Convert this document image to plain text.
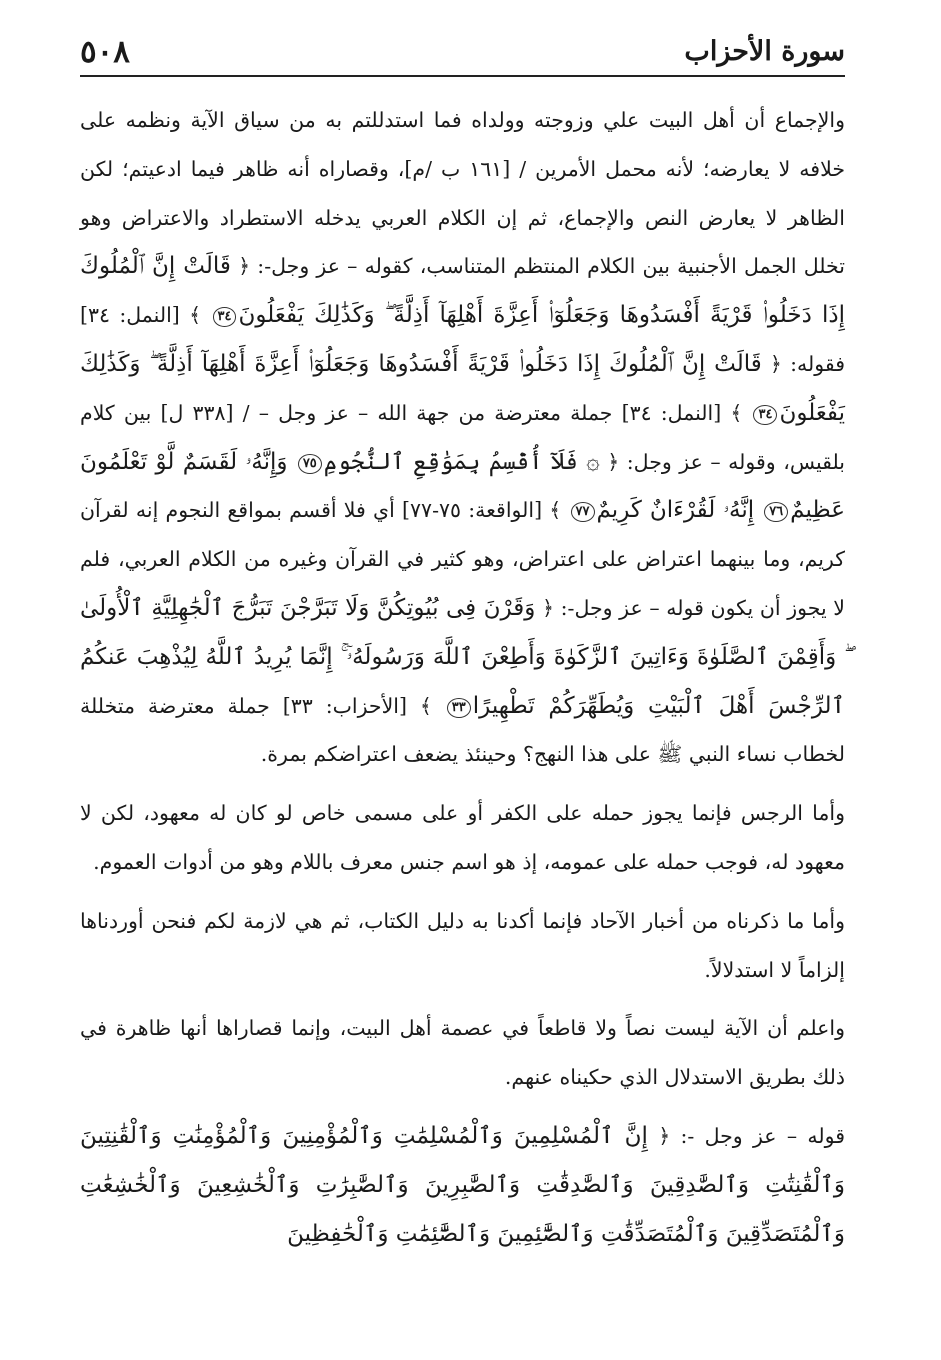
سورة الأحزاب
٥٠٨

والإجماع أن أهل البيت علي وزوجته وولداه فما استدللتم به من سياق الآية ونظمه على خلافه لا يعارضه؛ لأنه محمل الأمرين / [١٦١ ب /م]، وقصاراه أنه ظاهر فيما ادعيتم؛ لكن الظاهر لا يعارض النص والإجماع، ثم إن الكلام العربي يدخله الاستطراد والاعتراض وهو تخلل الجمل الأجنبية بين الكلام المنتظم المتناسب، كقوله – عز وجل-: ﴿ قَالَتْ إِنَّ ٱلْمُلُوكَ إِذَا دَخَلُوا۟ قَرْيَةً أَفْسَدُوهَا وَجَعَلُوٓا۟ أَعِزَّةَ أَهْلِهَآ أَذِلَّةً ۖ وَكَذَٰلِكَ يَفْعَلُونَ٣٤ ﴾ [النمل: ٣٤] فقوله: ﴿ قَالَتْ إِنَّ ٱلْمُلُوكَ إِذَا دَخَلُوا۟ قَرْيَةً أَفْسَدُوهَا وَجَعَلُوٓا۟ أَعِزَّةَ أَهْلِهَآ أَذِلَّةً ۖ وَكَذَٰلِكَ يَفْعَلُونَ٣٤ ﴾ [النمل: ٣٤] جملة معترضة من جهة الله – عز وجل – / [٣٣٨ ل] بين كلام بلقيس، وقوله – عز وجل: ﴿ ۞ فَلَآ أُقْسِمُ بِمَوَٰقِعِ ٱلنُّجُومِ٧٥ وَإِنَّهُۥ لَقَسَمٌ لَّوْ تَعْلَمُونَ عَظِيمٌ٧٦ إِنَّهُۥ لَقُرْءَانٌ كَرِيمٌ٧٧ ﴾ [الواقعة: ٧٥-٧٧] أي فلا أقسم بمواقع النجوم إنه لقرآن كريم، وما بينهما اعتراض على اعتراض، وهو كثير في القرآن وغيره من الكلام العربي، فلم لا يجوز أن يكون قوله – عز وجل-: ﴿ وَقَرْنَ فِى بُيُوتِكُنَّ وَلَا تَبَرَّجْنَ تَبَرُّجَ ٱلْجَٰهِلِيَّةِ ٱلْأُولَىٰ ۖ وَأَقِمْنَ ٱلصَّلَوٰةَ وَءَاتِينَ ٱلزَّكَوٰةَ وَأَطِعْنَ ٱللَّهَ وَرَسُولَهُۥٓ ۚ إِنَّمَا يُرِيدُ ٱللَّهُ لِيُذْهِبَ عَنكُمُ ٱلرِّجْسَ أَهْلَ ٱلْبَيْتِ وَيُطَهِّرَكُمْ تَطْهِيرًا٣٣ ﴾ [الأحزاب: ٣٣] جملة معترضة متخللة لخطاب نساء النبي ﷺ على هذا النهج؟ وحينئذ يضعف اعتراضكم بمرة.

وأما الرجس فإنما يجوز حمله على الكفر أو على مسمى خاص لو كان له معهود، لكن لا معهود له، فوجب حمله على عمومه، إذ هو اسم جنس معرف باللام وهو من أدوات العموم.

وأما ما ذكرناه من أخبار الآحاد فإنما أكدنا به دليل الكتاب، ثم هي لازمة لكم فنحن أوردناها إلزاماً لا استدلالاً.

واعلم أن الآية ليست نصاً ولا قاطعاً في عصمة أهل البيت، وإنما قصاراها أنها ظاهرة في ذلك بطريق الاستدلال الذي حكيناه عنهم.

قوله – عز وجل -: ﴿ إِنَّ ٱلْمُسْلِمِينَ وَٱلْمُسْلِمَٰتِ وَٱلْمُؤْمِنِينَ وَٱلْمُؤْمِنَٰتِ وَٱلْقَٰنِتِينَ وَٱلْقَٰنِتَٰتِ وَٱلصَّٰدِقِينَ وَٱلصَّٰدِقَٰتِ وَٱلصَّٰبِرِينَ وَٱلصَّٰبِرَٰتِ وَٱلْخَٰشِعِينَ وَٱلْخَٰشِعَٰتِ وَٱلْمُتَصَدِّقِينَ وَٱلْمُتَصَدِّقَٰتِ وَٱلصَّٰٓئِمِينَ وَٱلصَّٰٓئِمَٰتِ وَٱلْحَٰفِظِينَ
